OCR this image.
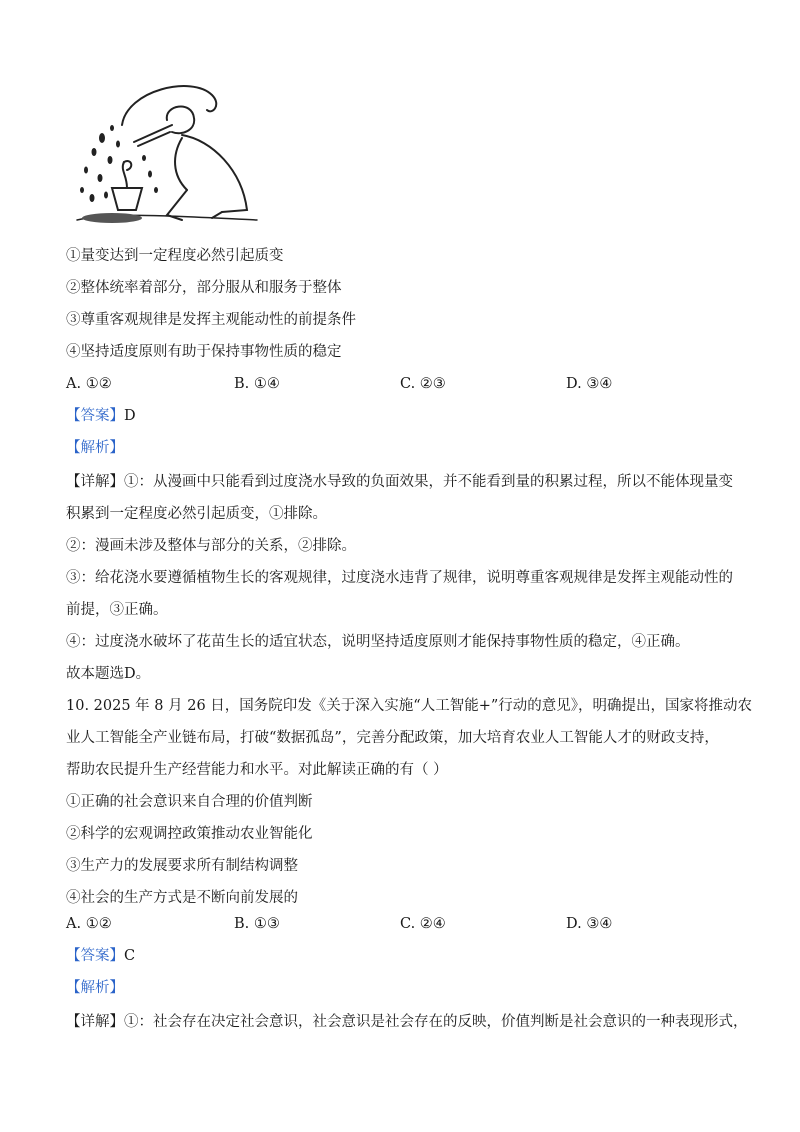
①量变达到一定程度必然引起质变
②整体统率着部分，部分服从和服务于整体
③尊重客观规律是发挥主观能动性的前提条件
④坚持适度原则有助于保持事物性质的稳定
A. ①②	B. ①④	C. ②③	D. ③④
【答案】D
【解析】
【详解】①：从漫画中只能看到过度浇水导致的负面效果，并不能看到量的积累过程，所以不能体现量变
积累到一定程度必然引起质变，①排除。
②：漫画未涉及整体与部分的关系，②排除。
③：给花浇水要遵循植物生长的客观规律，过度浇水违背了规律，说明尊重客观规律是发挥主观能动性的
前提，③正确。
④：过度浇水破坏了花苗生长的适宜状态，说明坚持适度原则才能保持事物性质的稳定，④正确。
故本题选D。
10. 2025 年 8 月 26 日，国务院印发《关于深入实施“人工智能+”行动的意见》，明确提出，国家将推动农
业人工智能全产业链布局，打破“数据孤岛”，完善分配政策，加大培育农业人工智能人才的财政支持，
帮助农民提升生产经营能力和水平。对此解读正确的有（ ）
①正确的社会意识来自合理的价值判断
②科学的宏观调控政策推动农业智能化
③生产力的发展要求所有制结构调整
④社会的生产方式是不断向前发展的
A. ①②	B. ①③	C. ②④	D. ③④
【答案】C
【解析】
【详解】①：社会存在决定社会意识，社会意识是社会存在的反映，价值判断是社会意识的一种表现形式，
